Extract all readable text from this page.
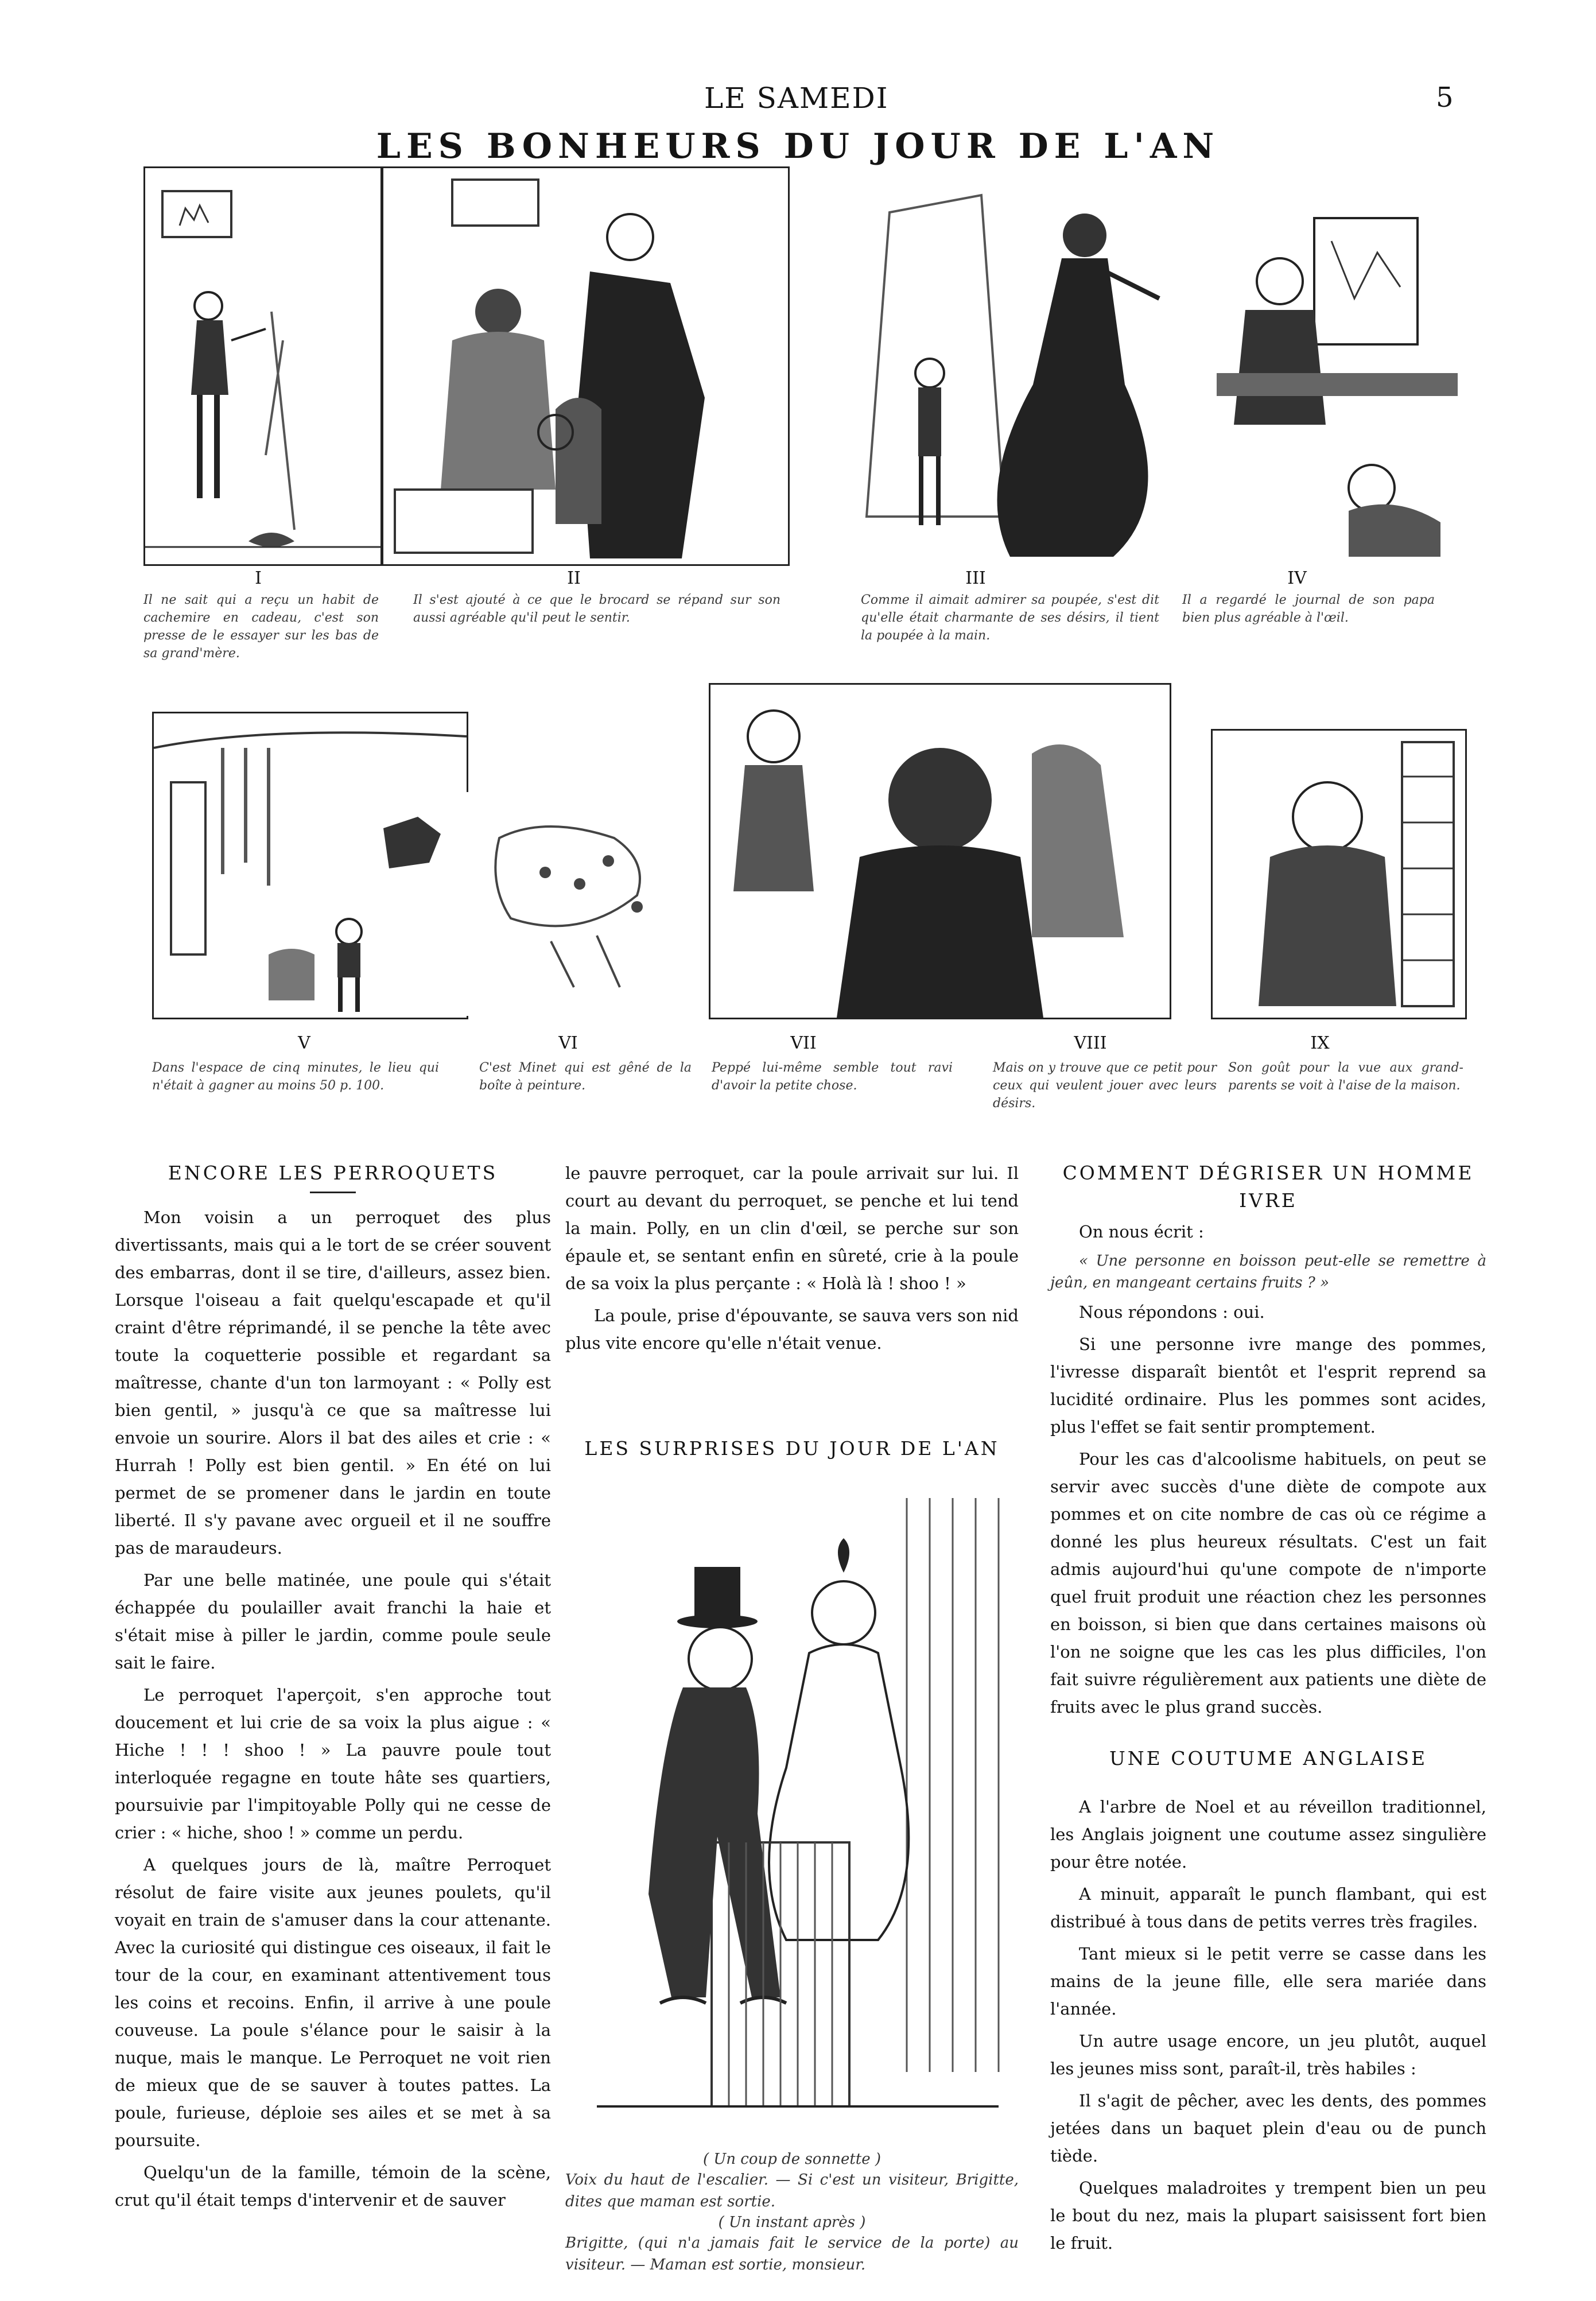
LE SAMEDI	5
LES BONHEURS DU JOUR DE L'AN
I	II	III	IV
Il ne sait qui a reçu un habit de cachemire en cadeau, c'est son presse de le essayer sur les bas de sa grand'mère.
Il s'est ajouté à ce que le brocard se répand sur son aussi agréable qu'il peut le sentir.
Comme il aimait admirer sa poupée, s'est dit qu'elle était charmante de ses désirs, il tient la poupée à la main.
Il a regardé le journal de son papa bien plus agréable à l'œil.
V	VI	VII	VIII	IX
Dans l'espace de cinq minutes, le lieu qui n'était à gagner au moins 50 p. 100.
C'est Minet qui est gêné de la boîte à peinture.
Peppé lui-même semble tout ravi d'avoir la petite chose.
Mais on y trouve que ce petit pour ceux qui veulent jouer avec leurs désirs.
Son goût pour la vue aux grand-parents se voit à l'aise de la maison.
ENCORE LES PERROQUETS

Mon voisin a un perroquet des plus divertissants, mais qui a le tort de se créer souvent des embarras, dont il se tire, d'ailleurs, assez bien. Lorsque l'oiseau a fait quelqu'escapade et qu'il craint d'être réprimandé, il se penche la tête avec toute la coquetterie possible et regardant sa maîtresse, chante d'un ton larmoyant : « Polly est bien gentil, » jusqu'à ce que sa maîtresse lui envoie un sourire. Alors il bat des ailes et crie : « Hurrah ! Polly est bien gentil. » En été on lui permet de se promener dans le jardin en toute liberté. Il s'y pavane avec orgueil et il ne souffre pas de maraudeurs.

Par une belle matinée, une poule qui s'était échappée du poulailler avait franchi la haie et s'était mise à piller le jardin, comme poule seule sait le faire.

Le perroquet l'aperçoit, s'en approche tout doucement et lui crie de sa voix la plus aigue : « Hiche ! ! ! shoo ! » La pauvre poule tout interloquée regagne en toute hâte ses quartiers, poursuivie par l'impitoyable Polly qui ne cesse de crier : « hiche, shoo ! » comme un perdu.

A quelques jours de là, maître Perroquet résolut de faire visite aux jeunes poulets, qu'il voyait en train de s'amuser dans la cour attenante. Avec la curiosité qui distingue ces oiseaux, il fait le tour de la cour, en examinant attentivement tous les coins et recoins. Enfin, il arrive à une poule couveuse. La poule s'élance pour le saisir à la nuque, mais le manque. Le Perroquet ne voit rien de mieux que de se sauver à toutes pattes. La poule, furieuse, déploie ses ailes et se met à sa poursuite.

Quelqu'un de la famille, témoin de la scène, crut qu'il était temps d'intervenir et de sauver

le pauvre perroquet, car la poule arrivait sur lui. Il court au devant du perroquet, se penche et lui tend la main. Polly, en un clin d'œil, se perche sur son épaule et, se sentant enfin en sûreté, crie à la poule de sa voix la plus perçante : « Holà là ! shoo ! »

La poule, prise d'épouvante, se sauva vers son nid plus vite encore qu'elle n'était venue.

LES SURPRISES DU JOUR DE L'AN
( Un coup de sonnette )
Voix du haut de l'escalier. — Si c'est un visiteur, Brigitte, dites que maman est sortie.
( Un instant après )
Brigitte, (qui n'a jamais fait le service de la porte) au visiteur. — Maman est sortie, monsieur.
COMMENT DÉGRISER UN HOMME IVRE

On nous écrit :

« Une personne en boisson peut-elle se remettre à jeûn, en mangeant certains fruits ? »

Nous répondons : oui.

Si une personne ivre mange des pommes, l'ivresse disparaît bientôt et l'esprit reprend sa lucidité ordinaire. Plus les pommes sont acides, plus l'effet se fait sentir promptement.

Pour les cas d'alcoolisme habituels, on peut se servir avec succès d'une diète de compote aux pommes et on cite nombre de cas où ce régime a donné les plus heureux résultats. C'est un fait admis aujourd'hui qu'une compote de n'importe quel fruit produit une réaction chez les personnes en boisson, si bien que dans certaines maisons où l'on ne soigne que les cas les plus difficiles, l'on fait suivre régulièrement aux patients une diète de fruits avec le plus grand succès.

UNE COUTUME ANGLAISE

A l'arbre de Noel et au réveillon traditionnel, les Anglais joignent une coutume assez singulière pour être notée.

A minuit, apparaît le punch flambant, qui est distribué à tous dans de petits verres très fragiles.

Tant mieux si le petit verre se casse dans les mains de la jeune fille, elle sera mariée dans l'année.

Un autre usage encore, un jeu plutôt, auquel les jeunes miss sont, paraît-il, très habiles :

Il s'agit de pêcher, avec les dents, des pommes jetées dans un baquet plein d'eau ou de punch tiède.

Quelques maladroites y trempent bien un peu le bout du nez, mais la plupart saisissent fort bien le fruit.
